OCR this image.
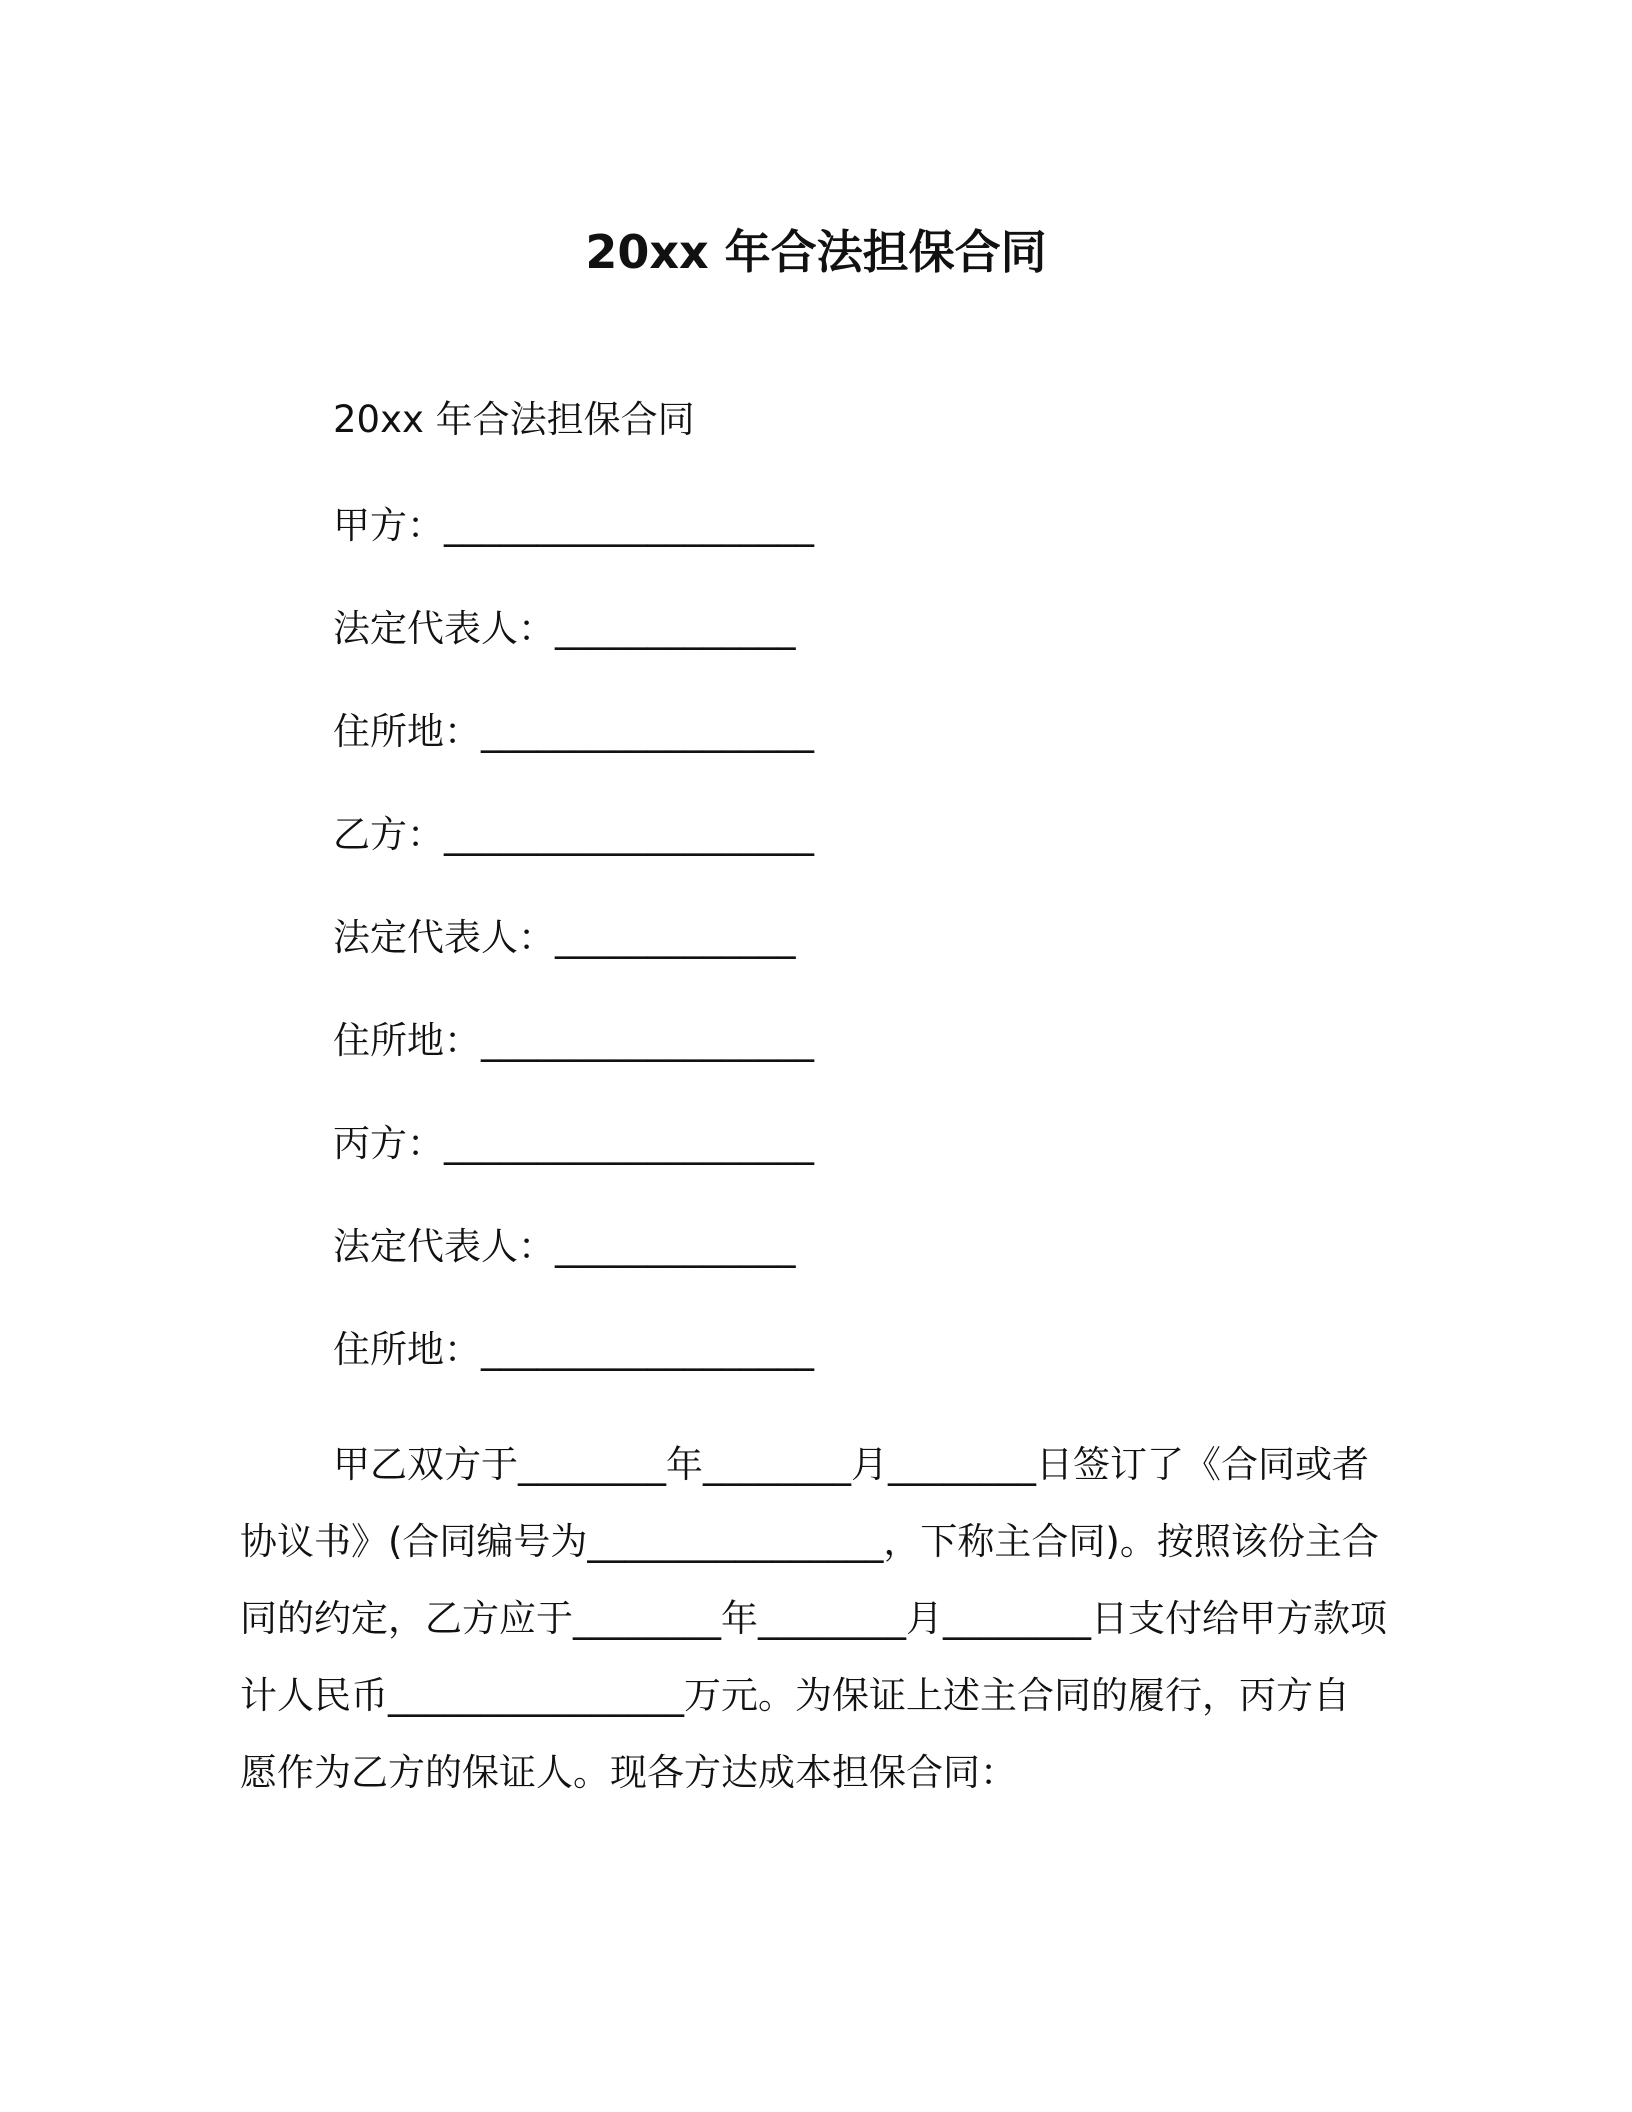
20xx 年合法担保合同
20xx 年合法担保合同
甲方：____________________
法定代表人：_____________
住所地：__________________
乙方：____________________
法定代表人：_____________
住所地：__________________
丙方：____________________
法定代表人：_____________
住所地：__________________
甲乙双方于________年________月________日签订了《合同或者
协议书》(合同编号为________________，下称主合同)。按照该份主合
同的约定，乙方应于________年________月________日支付给甲方款项
计人民币________________万元。为保证上述主合同的履行，丙方自
愿作为乙方的保证人。现各方达成本担保合同：
